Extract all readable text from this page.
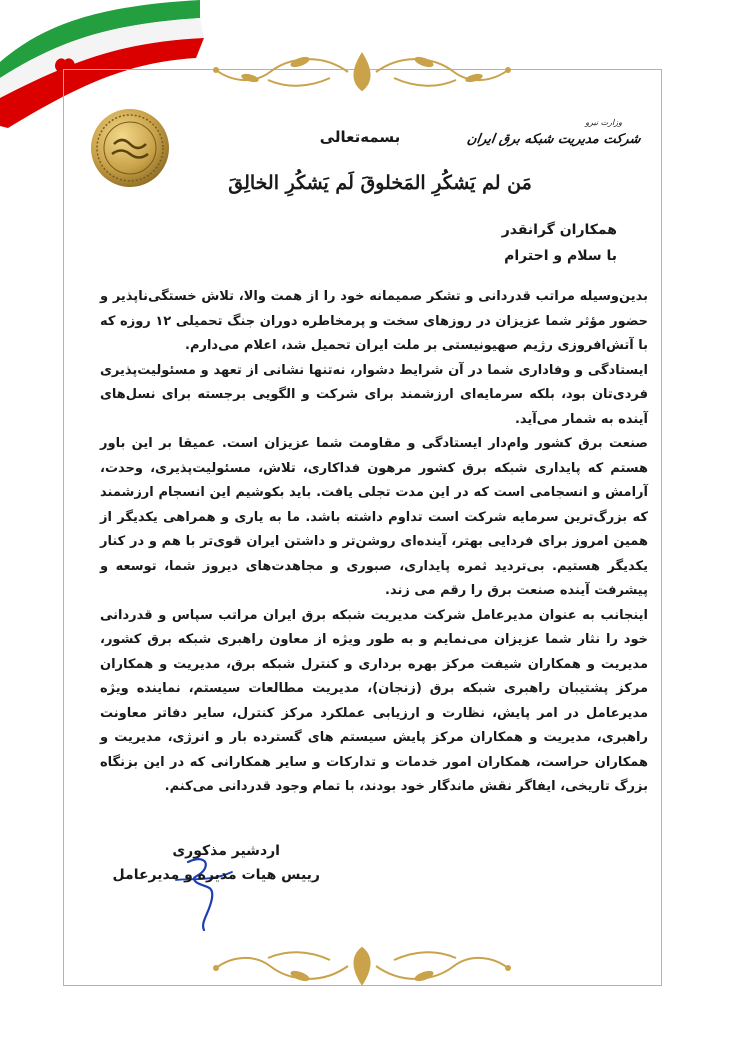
وزارت نیرو
شرکت مدیریت شبکه برق ایران
بسمه‌تعالی
مَن لم یَشکُرِ المَخلوقَ لَم یَشکُرِ الخالِقَ
همکاران گرانقدر
با سلام و احترام

بدین‌وسیله مراتب قدردانی و تشکر صمیمانه خود را از همت والا، تلاش خستگی‌ناپذیر و حضور مؤثر شما عزیزان در روزهای سخت و پرمخاطره دوران جنگ تحمیلی ۱۲ روزه که با آتش‌افروزی رژیم صهیونیستی بر ملت ایران تحمیل شد، اعلام می‌دارم.

ایستادگی و وفاداری شما در آن شرایط دشوار، نه‌تنها نشانی از تعهد و مسئولیت‌پذیری فردی‌تان بود، بلکه سرمایه‌ای ارزشمند برای شرکت و الگویی برجسته برای نسل‌های آینده به شمار می‌آید.

صنعت برق کشور وام‌دار ایستادگی و مقاومت شما عزیزان است. عمیقا بر این باور هستم که پایداری شبکه برق کشور مرهون فداکاری، تلاش، مسئولیت‌پذیری، وحدت، آرامش و انسجامی است که در این مدت تجلی یافت. باید بکوشیم این انسجام ارزشمند که بزرگ‌ترین سرمایه شرکت است تداوم داشته باشد. ما به یاری و همراهی یکدیگر از همین امروز برای فردایی بهتر، آینده‌ای روشن‌تر و داشتن ایران قوی‌تر با هم و در کنار یکدیگر هستیم. بی‌تردید ثمره پایداری، صبوری و مجاهدت‌های دیروز شما، توسعه و پیشرفت آینده صنعت برق را رقم می زند.

اینجانب به عنوان مدیرعامل شرکت مدیریت شبکه برق ایران مراتب سپاس و قدردانی خود را نثار شما عزیزان می‌نمایم و به طور ویژه از معاون راهبری شبکه برق کشور، مدیریت و همکاران شیفت مرکز بهره برداری و کنترل شبکه برق، مدیریت و همکاران مرکز پشتیبان راهبری شبکه برق (زنجان)، مدیریت مطالعات سیستم، نماینده ویژه مدیرعامل در امر پایش، نظارت و ارزیابی عملکرد مرکز کنترل، سایر دفاتر معاونت راهبری، مدیریت و همکاران مرکز پایش سیستم های گسترده بار و انرژی، مدیریت و همکاران حراست، همکاران امور خدمات و تدارکات و سایر همکارانی که در این بزنگاه بزرگ تاریخی، ایفاگر نقش ماندگار خود بودند، با تمام وجود قدردانی می‌کنم.

اردشیر مذکوری
رییس هیات مدیره و مدیرعامل
